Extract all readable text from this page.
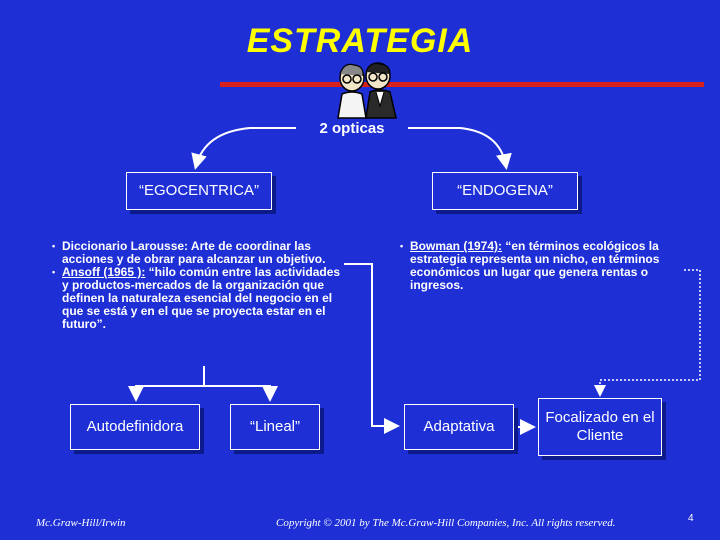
ESTRATEGIA
2 opticas
“EGOCENTRICA”	“ENDOGENA”
• Diccionario Larousse: Arte de coordinar las acciones y de obrar para alcanzar un objetivo.
• Ansoff (1965 ): “hilo común entre las actividades y productos-mercados de la organización que definen la naturaleza esencial del negocio en el que se está y en el que se proyecta estar en el futuro”.
• Bowman (1974): “en términos ecológicos la estrategia representa un nicho, en términos económicos un lugar que genera rentas o ingresos.
Autodefinidora	“Lineal”	Adaptativa
Focalizado en el Cliente
Mc.Graw-Hill/Irwin	Copyright © 2001 by The Mc.Graw-Hill Companies, Inc. All rights reserved.	4
